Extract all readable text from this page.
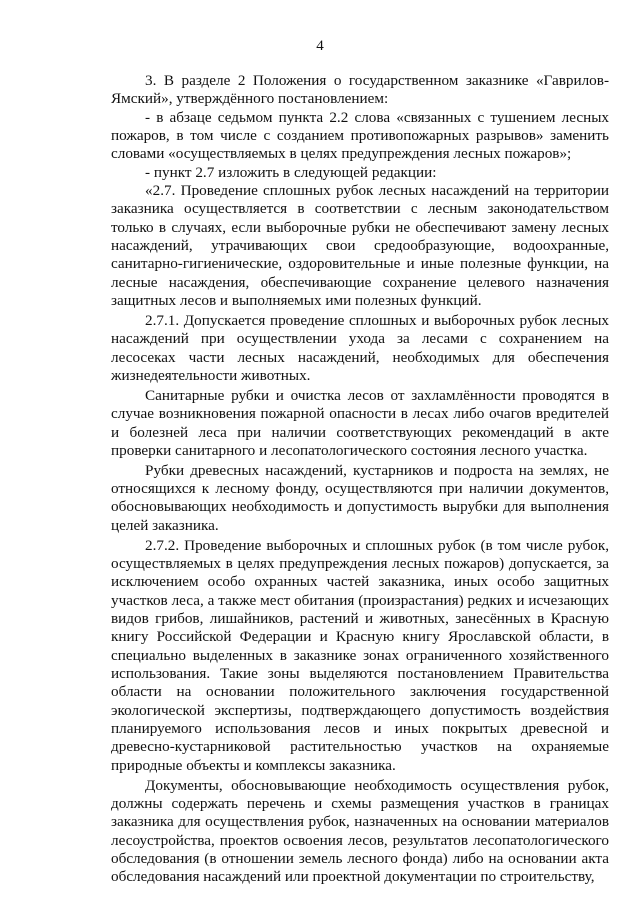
4

3. В разделе 2 Положения о государственном заказнике «Гаврилов-Ямский», утверждённого постановлением:

- в абзаце седьмом пункта 2.2 слова «связанных с тушением лесных пожаров, в том числе с созданием противопожарных разрывов» заменить словами «осуществляемых в целях предупреждения лесных пожаров»;

- пункт 2.7 изложить в следующей редакции:

«2.7. Проведение сплошных рубок лесных насаждений на территории заказника осуществляется в соответствии с лесным законодательством только в случаях, если выборочные рубки не обеспечивают замену лесных насаждений, утрачивающих свои средообразующие, водоохранные, санитарно-гигиенические, оздоровительные и иные полезные функции, на лесные насаждения, обеспечивающие сохранение целевого назначения защитных лесов и выполняемых ими полезных функций.

2.7.1. Допускается проведение сплошных и выборочных рубок лесных насаждений при осуществлении ухода за лесами с сохранением на лесосеках части лесных насаждений, необходимых для обеспечения жизнедеятельности животных.

Санитарные рубки и очистка лесов от захламлённости проводятся в случае возникновения пожарной опасности в лесах либо очагов вредителей и болезней леса при наличии соответствующих рекомендаций в акте проверки санитарного и лесопатологического состояния лесного участка.

Рубки древесных насаждений, кустарников и подроста на землях, не относящихся к лесному фонду, осуществляются при наличии документов, обосновывающих необходимость и допустимость вырубки для выполнения целей заказника.

2.7.2. Проведение выборочных и сплошных рубок (в том числе рубок, осуществляемых в целях предупреждения лесных пожаров) допускается, за исключением особо охранных частей заказника, иных особо защитных участков леса, а также мест обитания (произрастания) редких и исчезающих видов грибов, лишайников, растений и животных, занесённых в Красную книгу Российской Федерации и Красную книгу Ярославской области, в специально выделенных в заказнике зонах ограниченного хозяйственного использования. Такие зоны выделяются постановлением Правительства области на основании положительного заключения государственной экологической экспертизы, подтверждающего допустимость воздействия планируемого использования лесов и иных покрытых древесной и древесно-кустарниковой растительностью участков на охраняемые природные объекты и комплексы заказника.

Документы, обосновывающие необходимость осуществления рубок, должны содержать перечень и схемы размещения участков в границах заказника для осуществления рубок, назначенных на основании материалов лесоустройства, проектов освоения лесов, результатов лесопатологического обследования (в отношении земель лесного фонда) либо на основании акта обследования насаждений или проектной документации по строительству,
